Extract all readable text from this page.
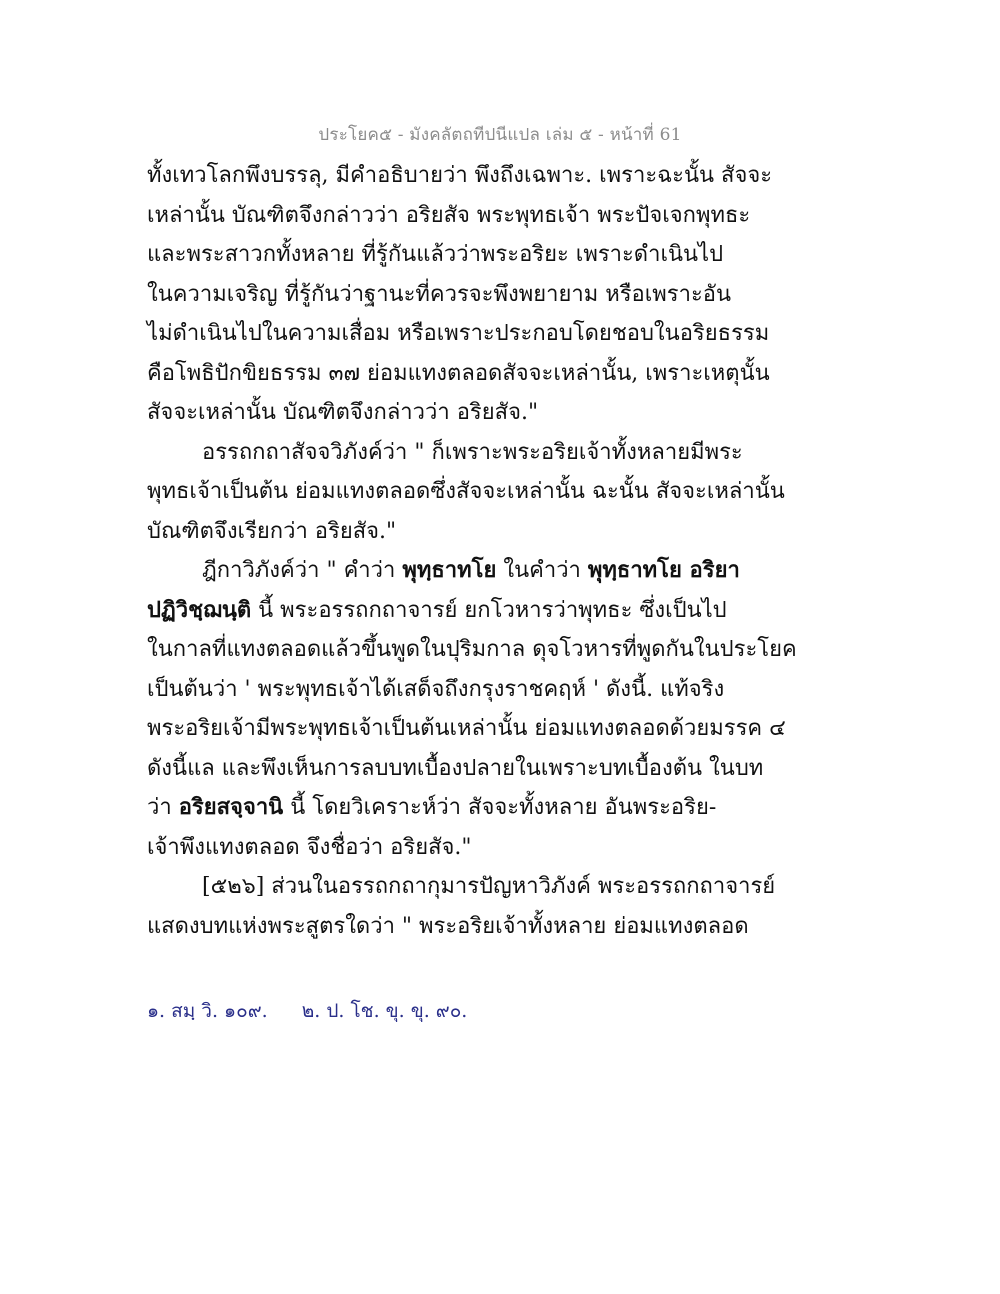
ประโยค๕ - มังคลัตถทีปนีแปล เล่ม ๕ - หน้าที่ 61
ทั้งเทวโลกพึงบรรลุ, มีคำอธิบายว่า พึงถึงเฉพาะ. เพราะฉะนั้น สัจจะ
เหล่านั้น บัณฑิตจึงกล่าวว่า อริยสัจ พระพุทธเจ้า พระปัจเจกพุทธะ
และพระสาวกทั้งหลาย ที่รู้กันแล้วว่าพระอริยะ เพราะดำเนินไป
ในความเจริญ ที่รู้กันว่าฐานะที่ควรจะพึงพยายาม หรือเพราะอัน
ไม่ดำเนินไปในความเสื่อม หรือเพราะประกอบโดยชอบในอริยธรรม
คือโพธิปักขิยธรรม ๓๗ ย่อมแทงตลอดสัจจะเหล่านั้น, เพราะเหตุนั้น
สัจจะเหล่านั้น บัณฑิตจึงกล่าวว่า อริยสัจ."
อรรถกถาสัจจวิภังค์ว่า " ก็เพราะพระอริยเจ้าทั้งหลายมีพระ
พุทธเจ้าเป็นต้น ย่อมแทงตลอดซึ่งสัจจะเหล่านั้น ฉะนั้น สัจจะเหล่านั้น
บัณฑิตจึงเรียกว่า อริยสัจ."
ฎีกาวิภังค์ว่า " คำว่า พุทฺธาทโย ในคำว่า พุทฺธาทโย อริยา
ปฏิวิชฺฌนฺติ นี้ พระอรรถกถาจารย์ ยกโวหารว่าพุทธะ ซึ่งเป็นไป
ในกาลที่แทงตลอดแล้วขึ้นพูดในปุริมกาล ดุจโวหารที่พูดกันในประโยค
เป็นต้นว่า ' พระพุทธเจ้าได้เสด็จถึงกรุงราชคฤห์ ' ดังนี้. แท้จริง
พระอริยเจ้ามีพระพุทธเจ้าเป็นต้นเหล่านั้น ย่อมแทงตลอดด้วยมรรค ๔
ดังนี้แล และพึงเห็นการลบบทเบื้องปลายในเพราะบทเบื้องต้น ในบท
ว่า อริยสจฺจานิ นี้ โดยวิเคราะห์ว่า สัจจะทั้งหลาย อันพระอริย-
เจ้าพึงแทงตลอด จึงชื่อว่า อริยสัจ."
[๕๒๖] ส่วนในอรรถกถากุมารปัญหาวิภังค์ พระอรรถกถาจารย์
แสดงบทแห่งพระสูตรใดว่า " พระอริยเจ้าทั้งหลาย ย่อมแทงตลอด
๑. สมฺ วิ. ๑๐๙. ๒. ป. โช. ขุ. ขุ. ๙๐.
